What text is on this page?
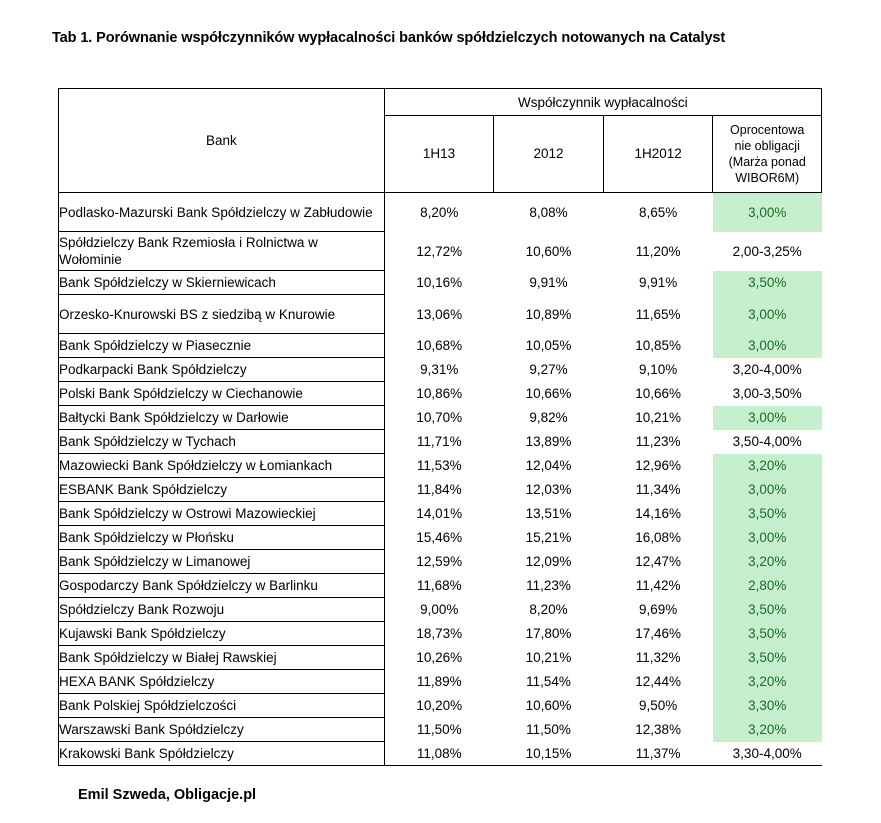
Tab 1. Porównanie współczynników wypłacalności banków spółdzielczych notowanych na Catalyst
Bank	Współczynnik wypłacalności			
	1H13	2012	1H2012	Oprocentowa
nie obligacji
(Marża ponad
WIBOR6M)

Podlasko-Mazurski Bank Spółdzielczy w Zabłudowie	8,20%	8,08%	8,65%	3,00%
Spółdzielczy Bank Rzemiosła i Rolnictwa w Wołominie	12,72%	10,60%	11,20%	2,00-3,25%
Bank Spółdzielczy w Skierniewicach	10,16%	9,91%	9,91%	3,50%
Orzesko-Knurowski BS z siedzibą w Knurowie	13,06%	10,89%	11,65%	3,00%
Bank Spółdzielczy w Piasecznie	10,68%	10,05%	10,85%	3,00%
Podkarpacki Bank Spółdzielczy	9,31%	9,27%	9,10%	3,20-4,00%
Polski Bank Spółdzielczy w Ciechanowie	10,86%	10,66%	10,66%	3,00-3,50%
Bałtycki Bank Spółdzielczy w Darłowie	10,70%	9,82%	10,21%	3,00%
Bank Spółdzielczy w Tychach	11,71%	13,89%	11,23%	3,50-4,00%
Mazowiecki Bank Spółdzielczy w Łomiankach	11,53%	12,04%	12,96%	3,20%
ESBANK Bank Spółdzielczy	11,84%	12,03%	11,34%	3,00%
Bank Spółdzielczy w Ostrowi Mazowieckiej	14,01%	13,51%	14,16%	3,50%
Bank Spółdzielczy w Płońsku	15,46%	15,21%	16,08%	3,00%
Bank Spółdzielczy w Limanowej	12,59%	12,09%	12,47%	3,20%
Gospodarczy Bank Spółdzielczy w Barlinku	11,68%	11,23%	11,42%	2,80%
Spółdzielczy Bank Rozwoju	9,00%	8,20%	9,69%	3,50%
Kujawski Bank Spółdzielczy	18,73%	17,80%	17,46%	3,50%
Bank Spółdzielczy w Białej Rawskiej	10,26%	10,21%	11,32%	3,50%
HEXA BANK Spółdzielczy	11,89%	11,54%	12,44%	3,20%
Bank Polskiej Spółdzielczości	10,20%	10,60%	9,50%	3,30%
Warszawski Bank Spółdzielczy	11,50%	11,50%	12,38%	3,20%
Krakowski Bank Spółdzielczy	11,08%	10,15%	11,37%	3,30-4,00%
Emil Szweda, Obligacje.pl
